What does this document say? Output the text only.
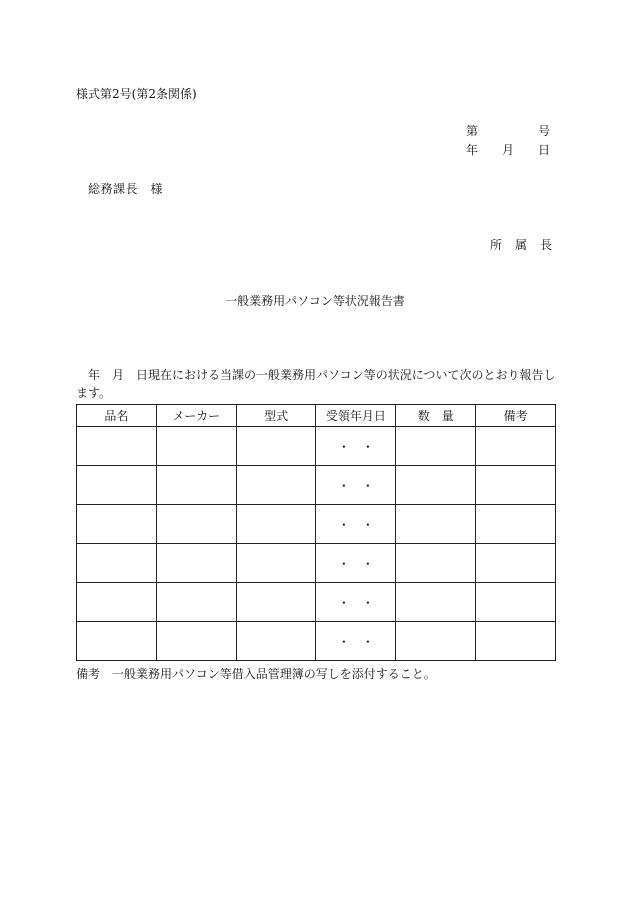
様式第2号(第2条関係)
第	号
年 月 日
総務課長　様
所　属　長
一般業務用パソコン等状況報告書
　年　月　日現在における当課の一般業務用パソコン等の状況について次のとおり報告します。
品名	メーカー	型式	受領年月日	数　量	備考
			・　・		
			・　・		
			・　・		
			・　・		
			・　・		
			・　・		
備考　一般業務用パソコン等借入品管理簿の写しを添付すること。
